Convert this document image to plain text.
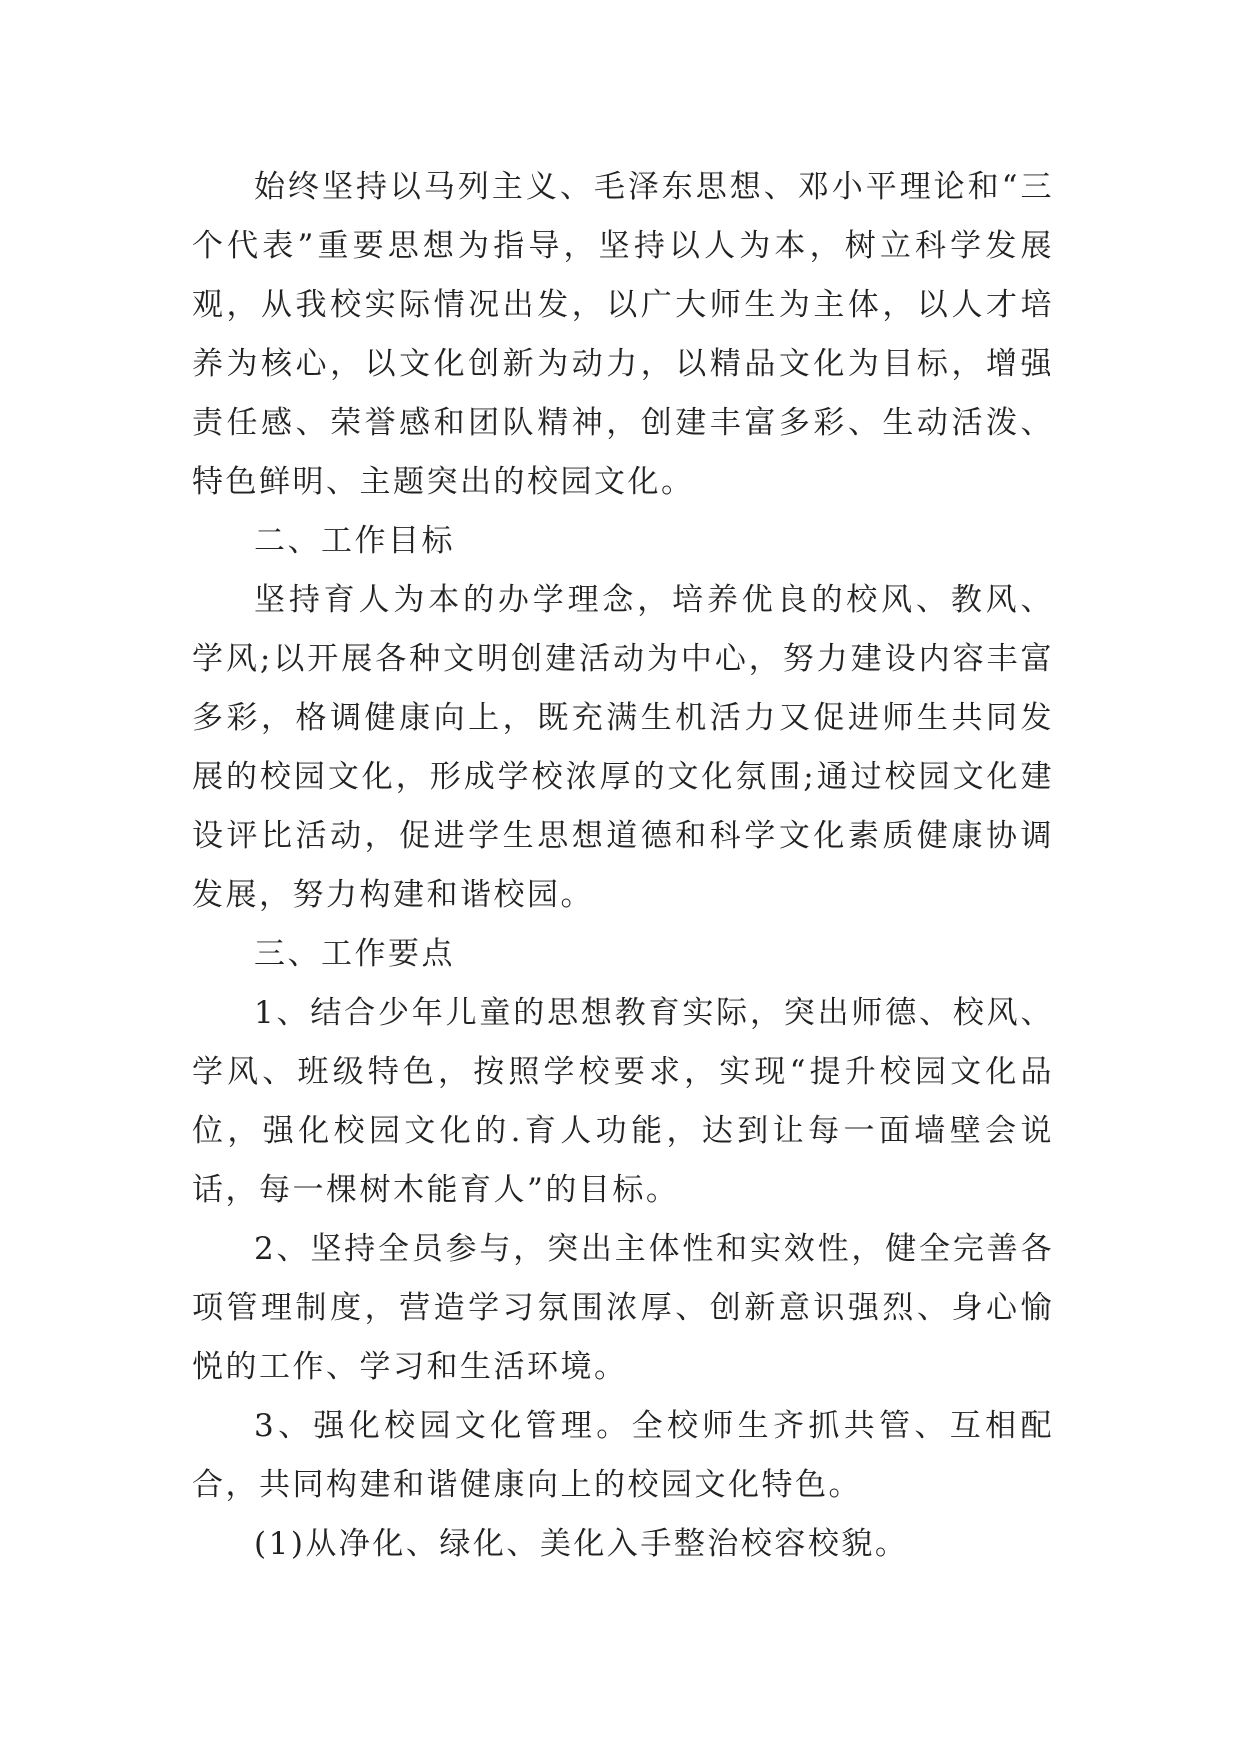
始终坚持以马列主义、毛泽东思想、邓小平理论和“三个代表”重要思想为指导，坚持以人为本，树立科学发展观，从我校实际情况出发，以广大师生为主体，以人才培养为核心，以文化创新为动力，以精品文化为目标，增强责任感、荣誉感和团队精神，创建丰富多彩、生动活泼、特色鲜明、主题突出的校园文化。

二、工作目标

坚持育人为本的办学理念，培养优良的校风、教风、学风;以开展各种文明创建活动为中心，努力建设内容丰富多彩，格调健康向上，既充满生机活力又促进师生共同发展的校园文化，形成学校浓厚的文化氛围;通过校园文化建设评比活动，促进学生思想道德和科学文化素质健康协调发展，努力构建和谐校园。

三、工作要点

1、结合少年儿童的思想教育实际，突出师德、校风、学风、班级特色，按照学校要求，实现“提升校园文化品位，强化校园文化的.育人功能，达到让每一面墙壁会说话，每一棵树木能育人”的目标。

2、坚持全员参与，突出主体性和实效性，健全完善各项管理制度，营造学习氛围浓厚、创新意识强烈、身心愉悦的工作、学习和生活环境。

3、强化校园文化管理。全校师生齐抓共管、互相配合，共同构建和谐健康向上的校园文化特色。

(1)从净化、绿化、美化入手整治校容校貌。
